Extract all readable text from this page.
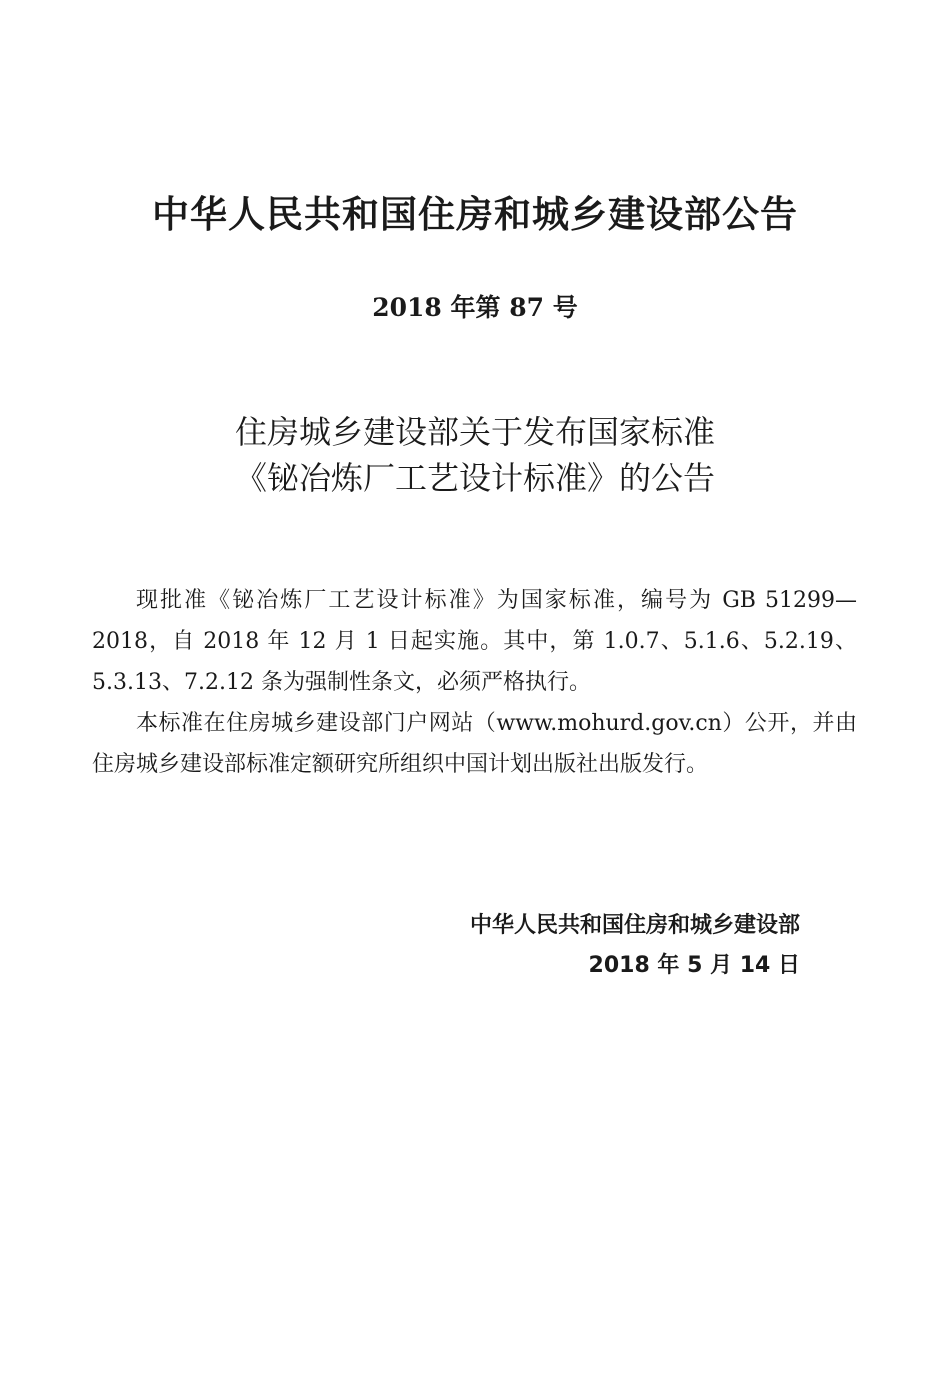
中华人民共和国住房和城乡建设部公告
2018 年第 87 号
住房城乡建设部关于发布国家标准
《铋冶炼厂工艺设计标准》的公告

现批准《铋冶炼厂工艺设计标准》为国家标准，编号为 GB 51299—2018，自 2018 年 12 月 1 日起实施。其中，第 1.0.7、5.1.6、5.2.19、5.3.13、7.2.12 条为强制性条文，必须严格执行。

本标准在住房城乡建设部门户网站（www.mohurd.gov.cn）公开，并由住房城乡建设部标准定额研究所组织中国计划出版社出版发行。

中华人民共和国住房和城乡建设部
2018 年 5 月 14 日
